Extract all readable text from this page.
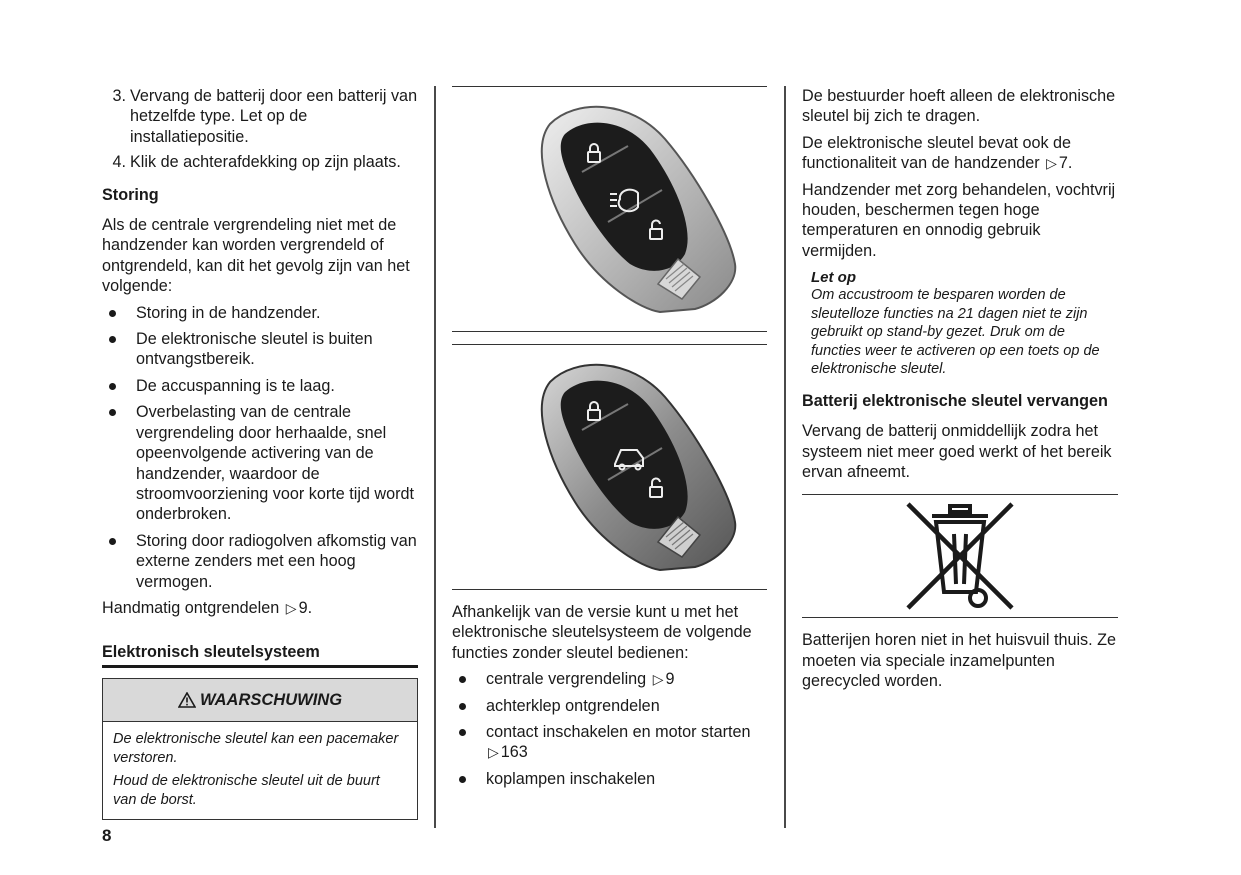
3. Vervang de batterij door een batterij van hetzelfde type. Let op de installatiepositie.
4. Klik de achterafdekking op zijn plaats.
Storing

Als de centrale vergrendeling niet met de handzender kan worden vergrendeld of ontgrendeld, kan dit het gevolg zijn van het volgende:

Storing in de handzender.
De elektronische sleutel is buiten ontvangstbereik.
De accuspanning is te laag.
Overbelasting van de centrale vergrendeling door herhaalde, snel opeenvolgende activering van de handzender, waardoor de stroomvoorziening voor korte tijd wordt onderbroken.
Storing door radiogolven afkomstig van externe zenders met een hoog vermogen.

Handmatig ontgrendelen ▷ 9.

Elektronisch sleutelsysteem
WAARSCHUWING

De elektronische sleutel kan een pacemaker verstoren.

Houd de elektronische sleutel uit de buurt van de borst.

Afhankelijk van de versie kunt u met het elektronische sleutelsysteem de volgende functies zonder sleutel bedienen:

centrale vergrendeling ▷ 9
achterklep ontgrendelen
contact inschakelen en motor starten ▷ 163
koplampen inschakelen

De bestuurder hoeft alleen de elektronische sleutel bij zich te dragen.

De elektronische sleutel bevat ook de functionaliteit van de handzender ▷ 7.

Handzender met zorg behandelen, vochtvrij houden, beschermen tegen hoge temperaturen en onnodig gebruik vermijden.

Let op
Om accustroom te besparen worden de sleutelloze functies na 21 dagen niet te zijn gebruikt op stand-by gezet. Druk om de functies weer te activeren op een toets op de elektronische sleutel.
Batterij elektronische sleutel vervangen

Vervang de batterij onmiddellijk zodra het systeem niet meer goed werkt of het bereik ervan afneemt.

Batterijen horen niet in het huisvuil thuis. Ze moeten via speciale inzamelpunten gerecycled worden.

8
